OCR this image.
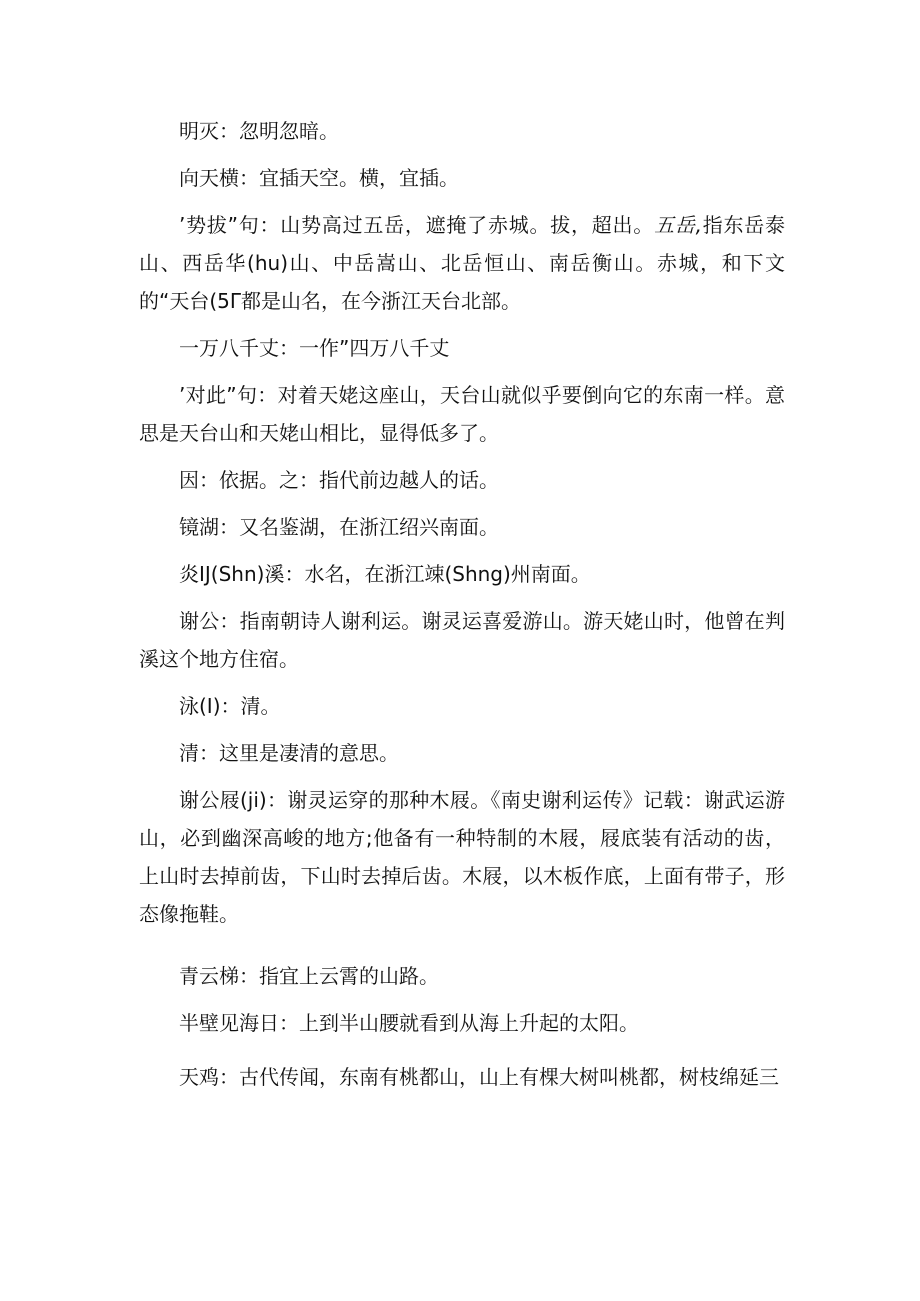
明灭：忽明忽暗。

向天横：宜插天空。横，宜插。

’势拔”句：山势高过五岳，遮掩了赤城。拔，超出。五岳,指东岳泰山、西岳华(hu)山、中岳嵩山、北岳恒山、南岳衡山。赤城，和下文的“天台(5Γ都是山名，在今浙江天台北部。

一万八千丈：一作”四万八千丈

’对此”句：对着天姥这座山，天台山就似乎要倒向它的东南一样。意思是天台山和天姥山相比，显得低多了。

因：依据。之：指代前边越人的话。

镜湖：又名鉴湖，在浙江绍兴南面。

炎IJ(Shn)溪：水名，在浙江竦(Shng)州南面。

谢公：指南朝诗人谢利运。谢灵运喜爱游山。游天姥山时，他曾在判溪这个地方住宿。

泳(I)：清。

清：这里是凄清的意思。

谢公屐(ji)：谢灵运穿的那种木屐。《南史谢利运传》记载：谢武运游山，必到幽深高峻的地方;他备有一种特制的木屐，屐底装有活动的齿，上山时去掉前齿，下山时去掉后齿。木屐，以木板作底，上面有带子，形态像拖鞋。

青云梯：指宜上云霄的山路。

半壁见海日：上到半山腰就看到从海上升起的太阳。

天鸡：古代传闻，东南有桃都山，山上有棵大树叫桃都，树枝绵延三
